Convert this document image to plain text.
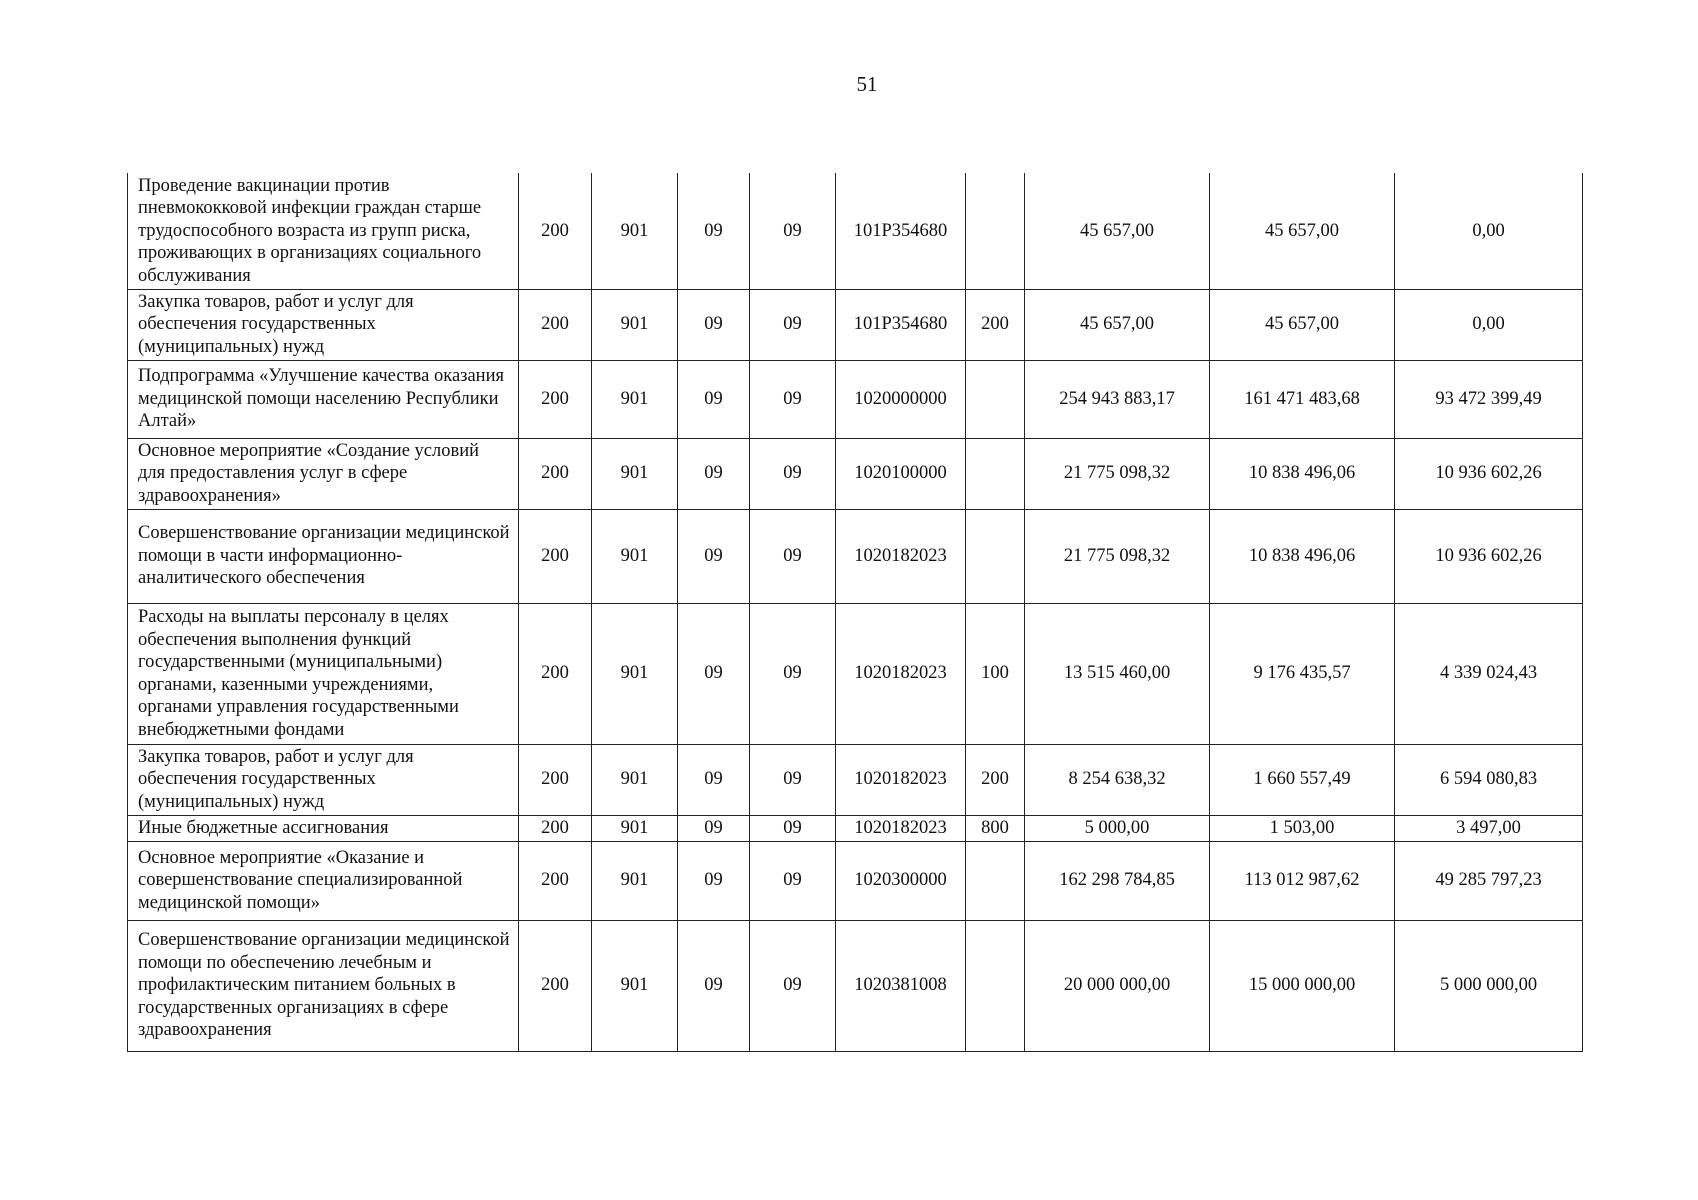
51
Проведение вакцинации против пневмококковой инфекции граждан старше трудоспособного возраста из групп риска, проживающих в организациях социального обслуживания	200	901	09	09	101P354680		45 657,00	45 657,00	0,00
Закупка товаров, работ и услуг для обеспечения государственных (муниципальных) нужд	200	901	09	09	101P354680	200	45 657,00	45 657,00	0,00
Подпрограмма «Улучшение качества оказания медицинской помощи населению Республики Алтай»	200	901	09	09	1020000000		254 943 883,17	161 471 483,68	93 472 399,49
Основное мероприятие «Создание условий для предоставления услуг в сфере здравоохранения»	200	901	09	09	1020100000		21 775 098,32	10 838 496,06	10 936 602,26
Совершенствование организации медицинской помощи в части информационно-аналитического обеспечения	200	901	09	09	1020182023		21 775 098,32	10 838 496,06	10 936 602,26
Расходы на выплаты персоналу в целях обеспечения выполнения функций государственными (муниципальными) органами, казенными учреждениями, органами управления государственными внебюджетными фондами	200	901	09	09	1020182023	100	13 515 460,00	9 176 435,57	4 339 024,43
Закупка товаров, работ и услуг для обеспечения государственных (муниципальных) нужд	200	901	09	09	1020182023	200	8 254 638,32	1 660 557,49	6 594 080,83
Иные бюджетные ассигнования	200	901	09	09	1020182023	800	5 000,00	1 503,00	3 497,00
Основное мероприятие «Оказание и совершенствование специализированной медицинской помощи»	200	901	09	09	1020300000		162 298 784,85	113 012 987,62	49 285 797,23
Совершенствование организации медицинской помощи по обеспечению лечебным и профилактическим питанием больных в государственных организациях в сфере здравоохранения	200	901	09	09	1020381008		20 000 000,00	15 000 000,00	5 000 000,00
